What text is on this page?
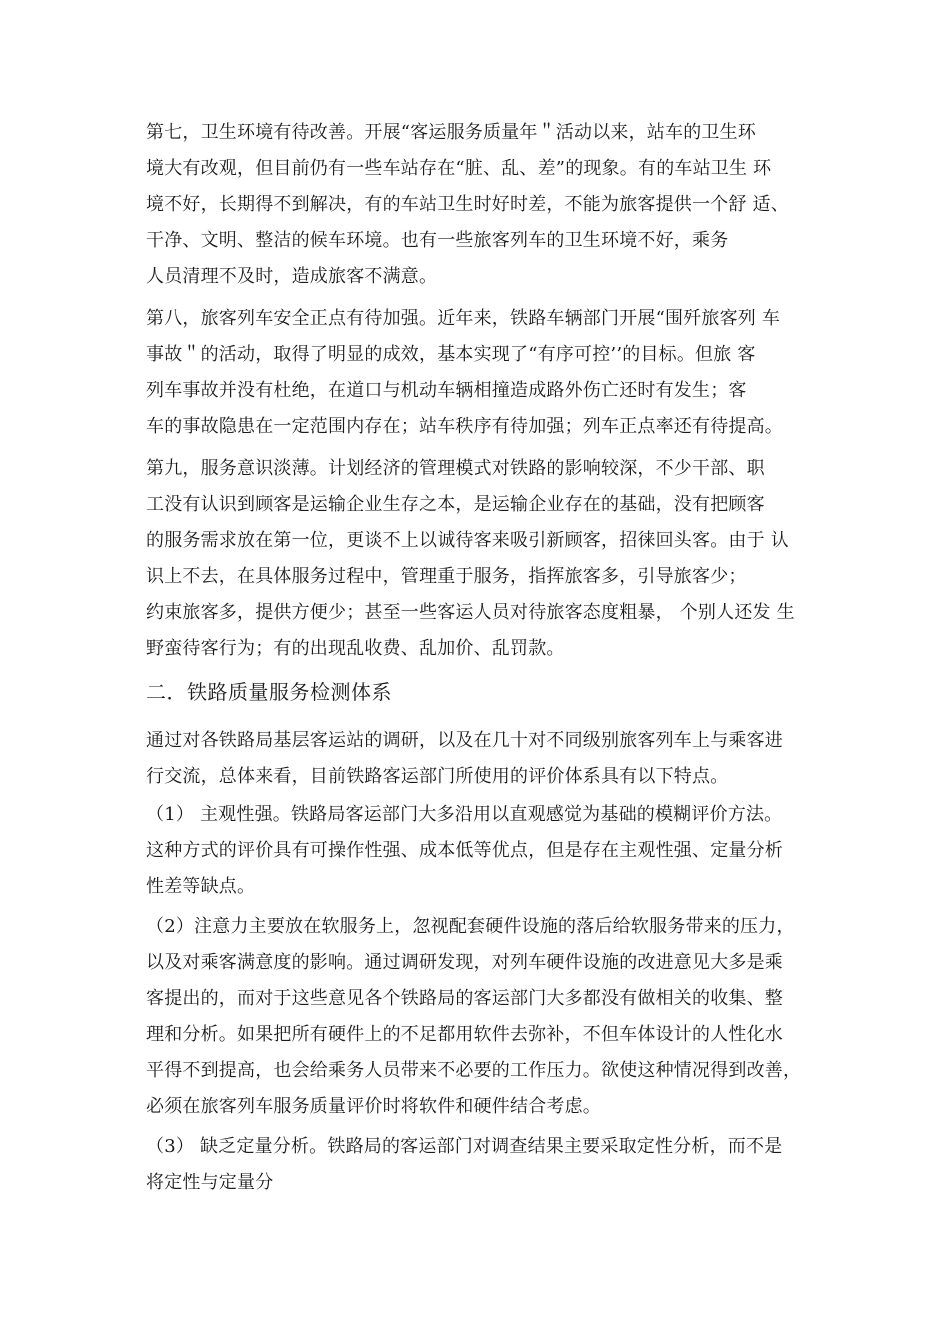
第七，卫生环境有待改善。开展“客运服务质量年＂活动以来，站车的卫生环
境大有改观，但目前仍有一些车站存在“脏、乱、差”的现象。有的车站卫生 环
境不好，长期得不到解决，有的车站卫生时好时差，不能为旅客提供一个舒 适、
干净、文明、整洁的候车环境。也有一些旅客列车的卫生环境不好，乘务
人员清理不及时，造成旅客不满意。
第八，旅客列车安全正点有待加强。近年来，铁路车辆部门开展“围歼旅客列 车
事故＂的活动，取得了明显的成效，基本实现了“有序可控’’的目标。但旅 客
列车事故并没有杜绝，在道口与机动车辆相撞造成路外伤亡还时有发生；客
车的事故隐患在一定范围内存在；站车秩序有待加强；列车正点率还有待提高。
第九，服务意识淡薄。计划经济的管理模式对铁路的影响较深，不少干部、职
工没有认识到顾客是运输企业生存之本，是运输企业存在的基础，没有把顾客
的服务需求放在第一位，更谈不上以诚待客来吸引新顾客，招徕回头客。由于 认
识上不去，在具体服务过程中，管理重于服务，指挥旅客多，引导旅客少；
约束旅客多，提供方便少；甚至一些客运人员对待旅客态度粗暴， 个别人还发 生
野蛮待客行为；有的出现乱收费、乱加价、乱罚款。
二．铁路质量服务检测体系
通过对各铁路局基层客运站的调研，以及在几十对不同级别旅客列车上与乘客进
行交流，总体来看，目前铁路客运部门所使用的评价体系具有以下特点。
（1） 主观性强。铁路局客运部门大多沿用以直观感觉为基础的模糊评价方法。
这种方式的评价具有可操作性强、成本低等优点，但是存在主观性强、定量分析
性差等缺点。
（2）注意力主要放在软服务上，忽视配套硬件设施的落后给软服务带来的压力，
以及对乘客满意度的影响。通过调研发现，对列车硬件设施的改进意见大多是乘
客提出的，而对于这些意见各个铁路局的客运部门大多都没有做相关的收集、整
理和分析。如果把所有硬件上的不足都用软件去弥补，不但车体设计的人性化水
平得不到提高，也会给乘务人员带来不必要的工作压力。欲使这种情况得到改善，
必须在旅客列车服务质量评价时将软件和硬件结合考虑。
（3） 缺乏定量分析。铁路局的客运部门对调查结果主要采取定性分析，而不是
将定性与定量分
